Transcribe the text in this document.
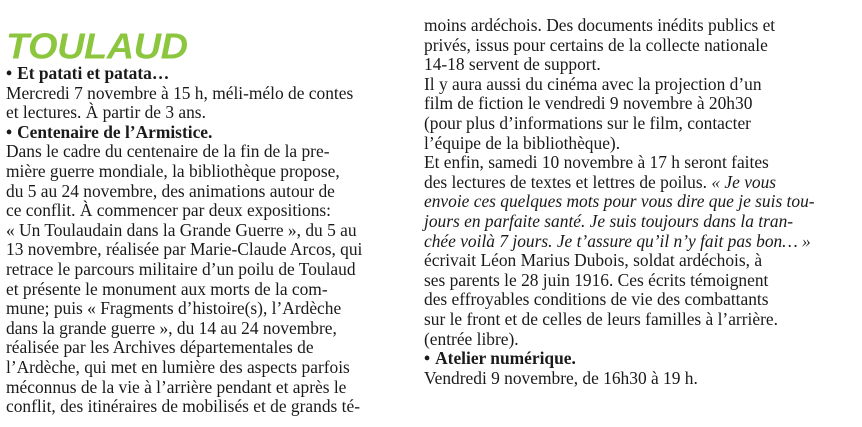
TOULAUD
• Et patati et patata…
Mercredi 7 novembre à 15 h, méli-mélo de contes
et lectures. À partir de 3 ans.
• Centenaire de l’Armistice.
Dans le cadre du centenaire de la fin de la pre-
mière guerre mondiale, la bibliothèque propose,
du 5 au 24 novembre, des animations autour de
ce conflit. À commencer par deux expositions:
« Un Toulaudain dans la Grande Guerre », du 5 au
13 novembre, réalisée par Marie-Claude Arcos, qui
retrace le parcours militaire d’un poilu de Toulaud
et présente le monument aux morts de la com-
mune; puis « Fragments d’histoire(s), l’Ardèche
dans la grande guerre », du 14 au 24 novembre,
réalisée par les Archives départementales de
l’Ardèche, qui met en lumière des aspects parfois
méconnus de la vie à l’arrière pendant et après le
conflit, des itinéraires de mobilisés et de grands té-
moins ardéchois. Des documents inédits publics et
privés, issus pour certains de la collecte nationale
14-18 servent de support.
Il y aura aussi du cinéma avec la projection d’un
film de fiction le vendredi 9 novembre à 20h30
(pour plus d’informations sur le film, contacter
l’équipe de la bibliothèque).
Et enfin, samedi 10 novembre à 17 h seront faites
des lectures de textes et lettres de poilus. « Je vous
envoie ces quelques mots pour vous dire que je suis tou-
jours en parfaite santé. Je suis toujours dans la tran-
chée voilà 7 jours. Je t’assure qu’il n’y fait pas bon… »
écrivait Léon Marius Dubois, soldat ardéchois, à
ses parents le 28 juin 1916. Ces écrits témoignent
des effroyables conditions de vie des combattants
sur le front et de celles de leurs familles à l’arrière.
(entrée libre).
• Atelier numérique.
Vendredi 9 novembre, de 16h30 à 19 h.
